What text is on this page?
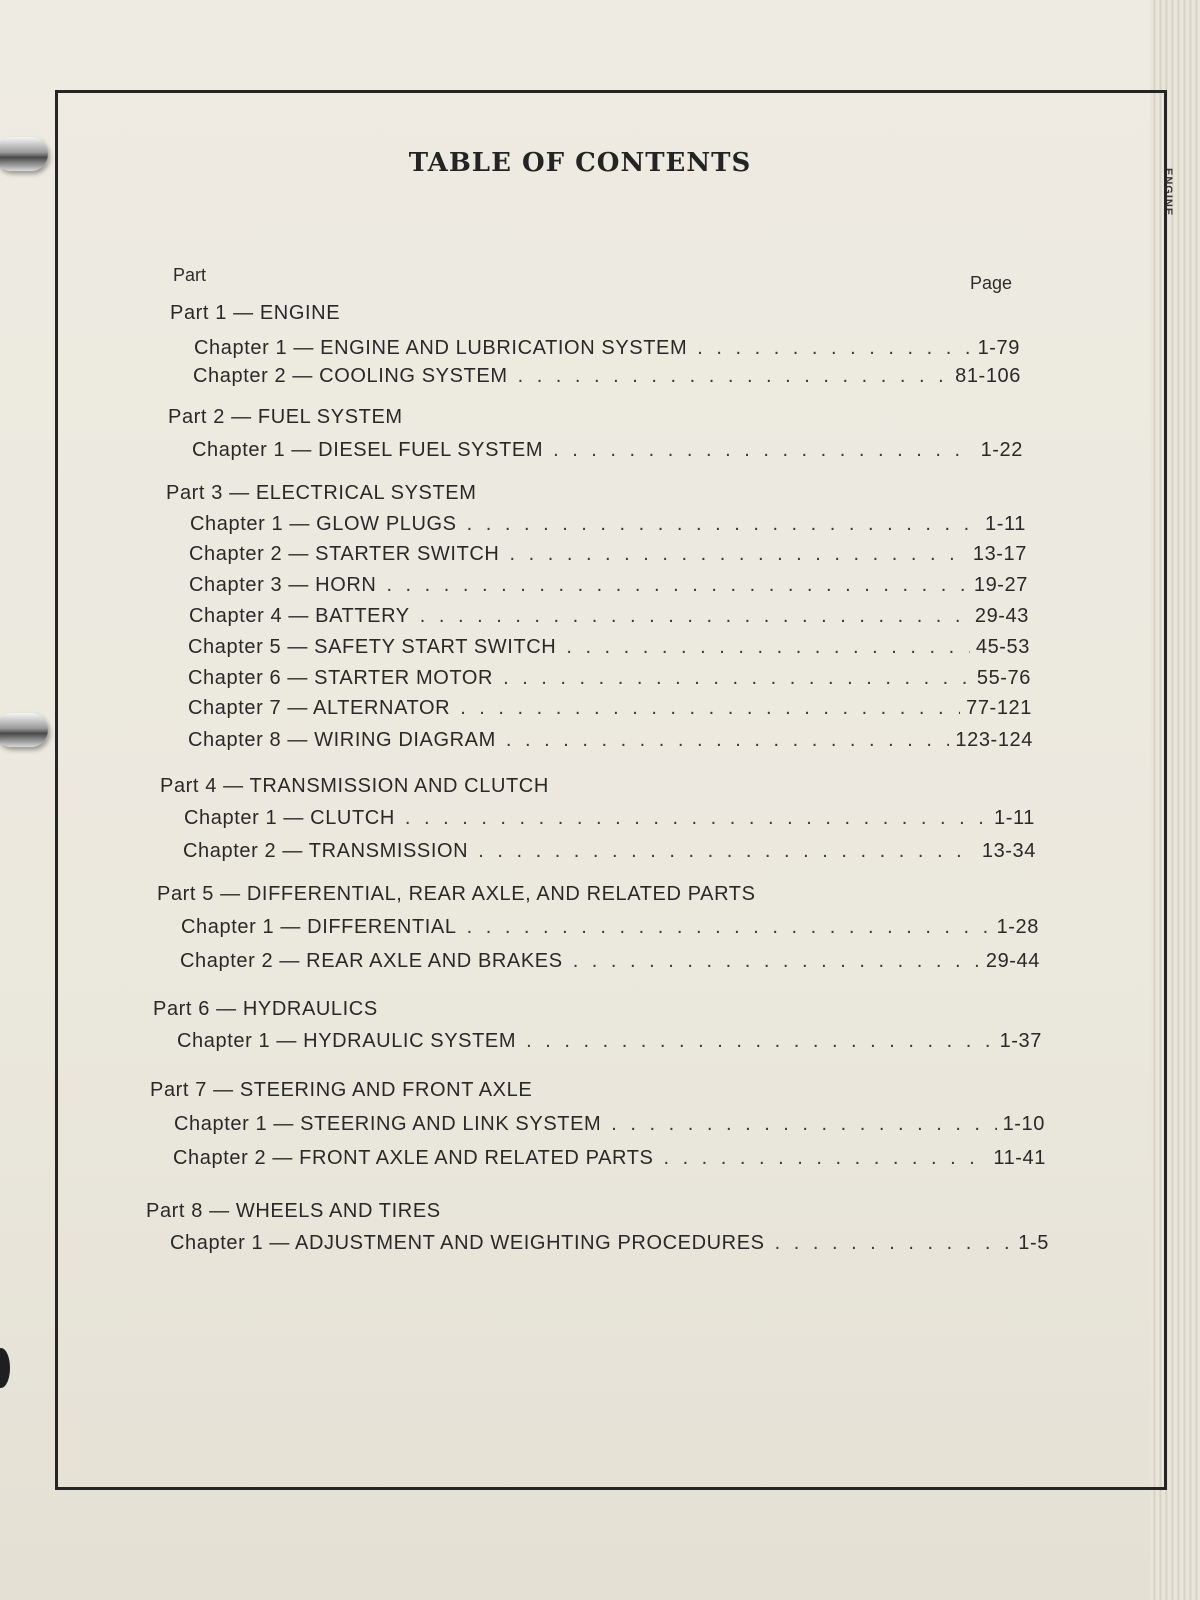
ENGINE
TABLE OF CONTENTS
Part	Page
Part 1 — ENGINE
Chapter 1 — ENGINE AND LUBRICATION SYSTEM . . .	1-79
Chapter 2 — COOLING SYSTEM . . .	81-106
Part 2 — FUEL SYSTEM
Chapter 1 — DIESEL FUEL SYSTEM . . .	1-22
Part 3 — ELECTRICAL SYSTEM
Chapter 1 — GLOW PLUGS . . .	1-11
Chapter 2 — STARTER SWITCH . . .	13-17
Chapter 3 — HORN . . .	19-27
Chapter 4 — BATTERY . . .	29-43
Chapter 5 — SAFETY START SWITCH . . .	45-53
Chapter 6 — STARTER MOTOR . . .	55-76
Chapter 7 — ALTERNATOR . . .	77-121
Chapter 8 — WIRING DIAGRAM . . .	123-124
Part 4 — TRANSMISSION AND CLUTCH
Chapter 1 — CLUTCH . . .	1-11
Chapter 2 — TRANSMISSION . . .	13-34
Part 5 — DIFFERENTIAL, REAR AXLE, AND RELATED PARTS
Chapter 1 — DIFFERENTIAL . . .	1-28
Chapter 2 — REAR AXLE AND BRAKES . . .	29-44
Part 6 — HYDRAULICS
Chapter 1 — HYDRAULIC SYSTEM . . .	1-37
Part 7 — STEERING AND FRONT AXLE
Chapter 1 — STEERING AND LINK SYSTEM . . .	1-10
Chapter 2 — FRONT AXLE AND RELATED PARTS . . .	11-41
Part 8 — WHEELS AND TIRES
Chapter 1 — ADJUSTMENT AND WEIGHTING PROCEDURES . . .	1-5
